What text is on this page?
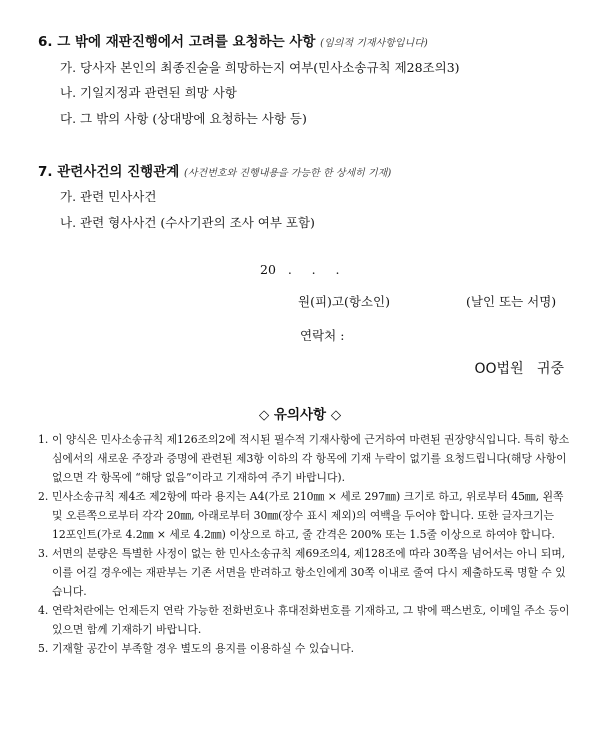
6. 그 밖에 재판진행에서 고려를 요청하는 사항 (임의적 기재사항입니다)
가. 당사자 본인의 최종진술을 희망하는지 여부(민사소송규칙 제28조의3)
나. 기일지정과 관련된 희망 사항
다. 그 밖의 사항 (상대방에 요청하는 사항 등)
7. 관련사건의 진행관계 (사건번호와 진행내용을 가능한 한 상세히 기재)
가. 관련 민사사건
나. 관련 형사사건 (수사기관의 조사 여부 포함)
20   .     .     .
원(피)고(항소인)	(날인 또는 서명)
연락처 :
OO법원   귀중
◇ 유의사항 ◇
1. 이 양식은 민사소송규칙 제126조의2에 적시된 필수적 기재사항에 근거하여 마련된 권장양식입니다. 특히 항소심에서의 새로운 주장과 증명에 관련된 제3항 이하의 각 항목에 기재 누락이 없기를 요청드립니다(해당 사항이 없으면 각 항목에 “해당 없음”이라고 기재하여 주기 바랍니다).
2. 민사소송규칙 제4조 제2항에 따라 용지는 A4(가로 210㎜ × 세로 297㎜) 크기로 하고, 위로부터 45㎜, 왼쪽 및 오른쪽으로부터 각각 20㎜, 아래로부터 30㎜(장수 표시 제외)의 여백을 두어야 합니다. 또한 글자크기는 12포인트(가로 4.2㎜ × 세로 4.2㎜) 이상으로 하고, 줄 간격은 200% 또는 1.5줄 이상으로 하여야 합니다.
3. 서면의 분량은 특별한 사정이 없는 한 민사소송규칙 제69조의4, 제128조에 따라 30쪽을 넘어서는 아니 되며, 이를 어길 경우에는 재판부는 기존 서면을 반려하고 항소인에게 30쪽 이내로 줄여 다시 제출하도록 명할 수 있습니다.
4. 연락처란에는 언제든지 연락 가능한 전화번호나 휴대전화번호를 기재하고, 그 밖에 팩스번호, 이메일 주소 등이 있으면 함께 기재하기 바랍니다.
5. 기재할 공간이 부족할 경우 별도의 용지를 이용하실 수 있습니다.
